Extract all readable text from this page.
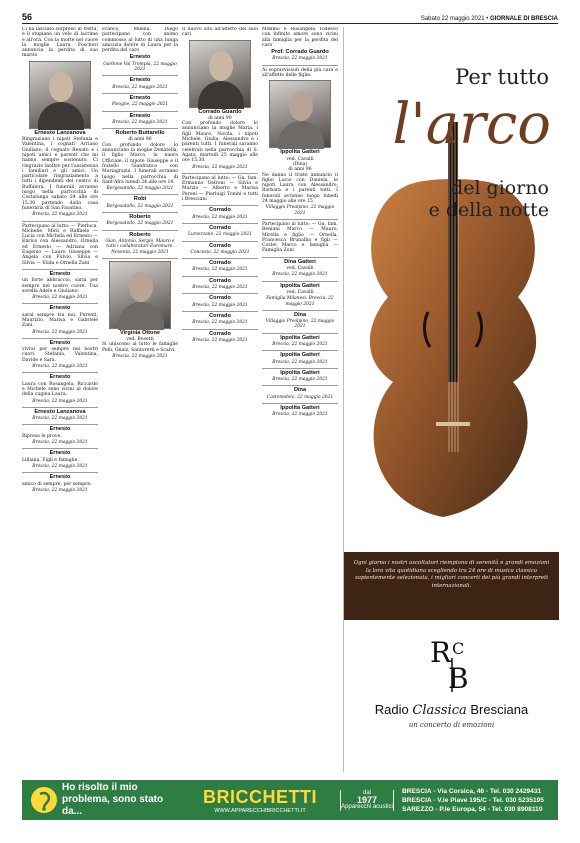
56	Sabato 22 maggio 2021 • GIORNALE DI BRESCIA

Ci ha lasciato sorpreso in fretta, e il stupiano un velo di lacrime e all'ora. Con la morte nel cuore la moglie Laura Foscheri annuncia la perdita di suo marito

Ernesto Lanzanova

Ringraziano i nipoti Stefania e Valentina, i cognati Arriano Giuliano, il cognato Renato e i nipoti amici e parenti che mi hanno sempre sostenuto. Ci ringrazio inoltre per l'assistenza i familiari e gli amici. Un particolare ringraziamento a tutti i dipendenti del centro di Buffalora. I funerali avranno luogo nella parrocchia di Costalunga sabato 24 alle ore 15.30 partendo dalla casa funeraria di San Faustino.

Brescia, 22 maggio 2021

Partecipano al lutto: — Pierluca, Michelle, Mirii e Raffaele — Lucia con Michela ed Ernesto — Enrico con Alessandro, Ornella ed Ernesto — Adriana con Eugenio — Lauro Giuseppe — Angela con Fulvio, Silvia e Silvia — Elida e Ornella Zani

Ernesto

un forte abbraccio, sarai per sempre nel nostro cuore. Tua sorella Adele e Giuliano.

Brescia, 22 maggio 2021
Ernesto

sarai sempre tra noi. Parenti, Maurizio, Marisa e Gabriele Zani.

Brescia, 22 maggio 2021
Ernesto

vivrai per sempre nei nostri cuori. Stefania, Valentina, Davide e Sara.

Brescia, 22 maggio 2021
Ernesto

Laura con Rosangela, Riccardo e Michele sono vicini al dolore della cugina Laura.

Brescia, 22 maggio 2021
Ernesto Lanzanova
Brescia, 22 maggio 2021
Ernesto

Ripresa le prove.

Brescia, 22 maggio 2021
Ernesto

Lilliana, Figli e famiglie.

Brescia, 22 maggio 2021
Ernesto

amico di sempre, per sempre.

Brescia, 22 maggio 2021

Franco, Milena, Diego partecipano con animo commosso al lutto di una lunga amicizia dolore di Laura per la perdita del caro

Ernesto
Gardone Val Trompia, 22 maggio 2021
Ernesto
Brescia, 22 maggio 2021
Ernesto
Pisogne, 22 maggio 2021
Ernesto
Brescia, 22 maggio 2021
Roberto Buttarello
di anni 96

Con profondo dolore lo annunciano la moglie Donatella, il figlio Marco, la nuora Ufficiale, il nipote Giuseppe e il fratello Gianfranco con Mariagrazia. I funerali avranno luogo nella parrocchia di Sant'Afra lunedì 24 alle ore 10.

Borgosatollo, 22 maggio 2021
Robi
Borgosatollo, 22 maggio 2021
Roberto
Borgosatollo, 22 maggio 2021
Roberto
Gian, Antonio, Sergio, Mauro e tutti i collaboratori Euromare. Noventa, 22 maggio 2021
Virginia Ottone
ved. Bosetti

Si uniscono al lutto le famiglie Pelli, Gnaiz, Santoretti e Scalvi.

Brescia, 22 maggio 2021

Il nuovo sito all'affetto dei suoi cari

Corrado Guardo
di anni 90

Con profondo dolore lo annunciano la moglie Maria, i figli Mauro, Nicola, i nipoti Michele, Giulia, Alessandro e i parenti tutti. I funerali saranno celebrati nella parrocchia di S. Agata, martedì 25 maggio alle ore 15.30.

Brescia, 22 maggio 2021

Partecipano al lutto: — Gu. fam. Ermanno Gelroni — Silvia e Marzio — Alberto e Marisa Peroni — Pierluigi Tonini e tutti i Bresciani

Corrado
Brescia, 22 maggio 2021
Corrado
Lumezzane, 22 maggio 2021
Corrado
Concesio, 22 maggio 2021
Corrado
Brescia, 22 maggio 2021
Corrado
Brescia, 22 maggio 2021
Corrado
Brescia, 22 maggio 2021
Corrado
Brescia, 22 maggio 2021
Corrado
Brescia, 22 maggio 2021

Mimmo e Rosangela Todesco con infinito amore sono vicini alla famiglia per la perdita del caro

Prof. Corrado Guardo
Brescia, 22 maggio 2021

Ai sopravvissuti della più cara e all'affetto delle figlie.

Ippolita Gatteri
ved. Cavalli
(Dina)
di anni 96

Ne danno il triste annuncio il figlio Lucio con Daniela, le nipoti Laura con Alessandro, Barbara e i parenti tutti. I funerali avranno luogo lunedì 24 maggio alle ore 15.

Villaggio Prealpino, 22 maggio 2021

Partecipano al lutto: — Gu. fam. Beniani Marco — Mauro, Mirella e figlio — Ornella, Francesca Brunalba e figli — Costei Marco e famiglia — Famiglia Zoni

Dina Gatteri
ved. Cavalli
Brescia, 22 maggio 2021
Ippolita Gatteri
ved. Cavalli
Famiglia Milanesi. Brescia, 22 maggio 2021
Dina
Villaggio Prealpino, 22 maggio 2021
Ippolita Gatteri
Brescia, 22 maggio 2021
Ippolita Gatteri
Brescia, 22 maggio 2021
Ippolita Gatteri
Brescia, 22 maggio 2021
Dina
Castenedolo, 22 maggio 2021
Ippolita Gatteri
Brescia, 22 maggio 2021
Per tutto
l'arco
del giorno
e della notte
Ogni giorno i nostri ascoltatori riempiono di serenità e grandi emozioni la loro vita quotidiana scegliendo tra 24 ore di musica classica sapientemente selezionata, i migliori concerti dei più grandi interpreti internazionali.
R C
B
Radio Classica Bresciana
un concerto di emozioni
Ho risolto il mio problema, sono stato da...
BRICCHETTI
WWW.APPARECCHIBRICCHETTI.IT
dal
1977
Apparecchi acustici
BRESCIA - Via Corsica, 46 - Tel. 030 2429431
BRESCIA - V.le Piave 195/C - Tel. 030 5235195
SAREZZO - P.le Europa, 54 - Tel. 030 8908110
